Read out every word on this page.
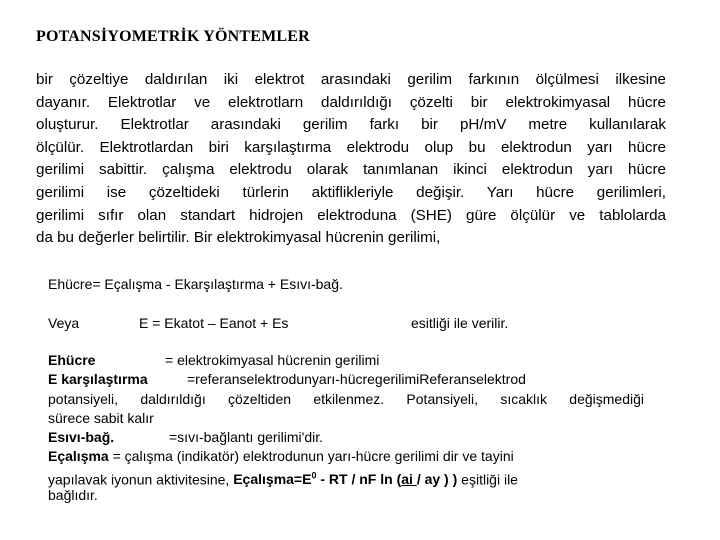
POTANSİYOMETRİK YÖNTEMLER
bir çözeltiye daldırılan iki elektrot arasındaki gerilim farkının ölçülmesi ilkesine
dayanır. Elektrotlar ve elektrotlarn daldırıldığı çözelti bir elektrokimyasal hücre
oluşturur. Elektrotlar arasındaki gerilim farkı bir pH/mV metre kullanılarak
ölçülür. Elektrotlardan biri karşılaştırma elektrodu olup bu elektrodun yarı hücre
gerilimi sabittir. çalışma elektrodu olarak tanımlanan ikinci elektrodun yarı hücre
gerilimi ise çözeltideki türlerin aktiflikleriyle değişir. Yarı hücre gerilimleri,
gerilimi sıfır olan standart hidrojen elektroduna (SHE) güre ölçülür ve tablolarda
da bu değerler belirtilir. Bir elektrokimyasal hücrenin gerilimi,
Ehücre= Eçalışma - Ekarşılaştırma + Esıvı-bağ.
Veya	E = Ekatot – Eanot + Es	esitliği ile verilir.
Ehücre	= elektrokimyasal hücrenin gerilimi
E karşılaştırma	=referanselektrodunyarı-hücregerilimiReferanselektrod
potansiyeli, daldırıldığı çözeltiden etkilenmez. Potansiyeli, sıcaklık değişmediği
sürece sabit kalır
Esıvı-bağ.	=sıvı-bağlantı gerilimi'dir.
Eçalışma = çalışma (indikatör) elektrodunun yarı-hücre gerilimi dir ve tayini
yapılavak iyonun aktivitesine, $Eçalışma=E^0$ - RT / nF ln (ai / ay ) ) eşitliği ile
bağlıdır.
